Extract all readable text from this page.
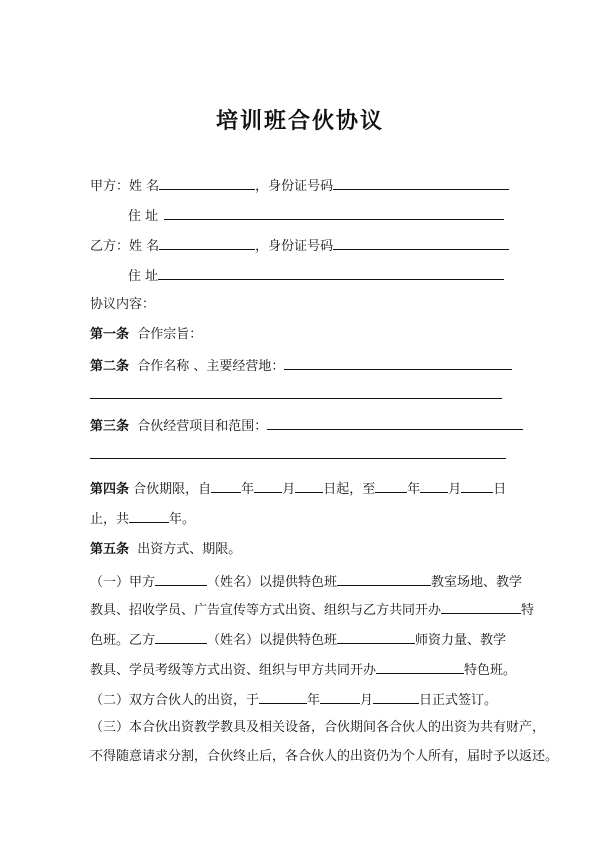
培训班合伙协议
甲方：姓 名	，身份证号码
住 址
乙方：姓 名	，身份证号码
住 址
协议内容：
第一条 合作宗旨：
第二条 合作名称 、主要经营地：
第三条 合伙经营项目和范围：
第四条 合伙期限，自 年 月 日起，至 年 月 日
止，共	年。
第五条 出资方式、期限。
（一）甲方	（姓名）以提供特色班	教室场地、教学
教具、招收学员、广告宣传等方式出资、组织与乙方共同开办	特
色班。乙方	（姓名）以提供特色班	师资力量、教学
教具、学员考级等方式出资、组织与甲方共同开办	特色班。
（二）双方合伙人的出资，于	年	月	日正式签订。
（三）本合伙出资教学教具及相关设备，合伙期间各合伙人的出资为共有财产，
不得随意请求分割，合伙终止后，各合伙人的出资仍为个人所有，届时予以返还。
